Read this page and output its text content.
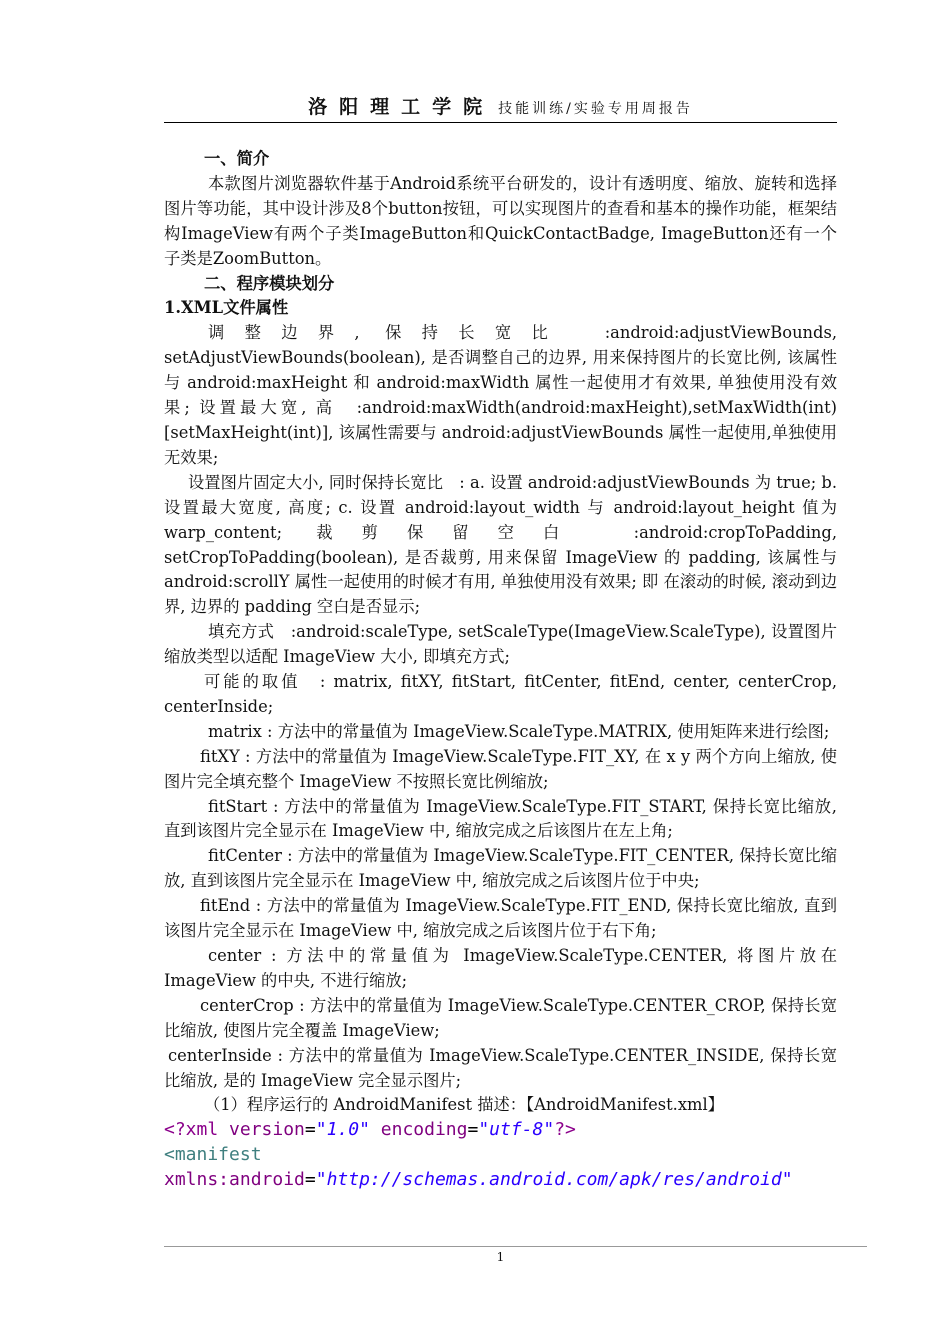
洛阳理工学院 技能训练/实验专用周报告

一、简介

本款图片浏览器软件基于Android系统平台研发的，设计有透明度、缩放、旋转和选择图片等功能，其中设计涉及8个button按钮，可以实现图片的查看和基本的操作功能，框架结构ImageView有两个子类ImageButton和QuickContactBadge, ImageButton还有一个子类是ZoomButton。

二、程序模块划分

1.XML文件属性

调整边界, 保持长宽比　:android:adjustViewBounds, setAdjustViewBounds(boolean), 是否调整自己的边界, 用来保持图片的长宽比例, 该属性与 android:maxHeight 和 android:maxWidth 属性一起使用才有效果, 单独使用没有效果; 设置最大宽, 高　:android:maxWidth(android:maxHeight),setMaxWidth(int)[setMaxHeight(int)], 该属性需要与 android:adjustViewBounds 属性一起使用,单独使用无效果;

设置图片固定大小, 同时保持长宽比　: a. 设置 android:adjustViewBounds 为 true; b. 设置最大宽度, 高度; c. 设置 android:layout_width 与 android:layout_height 值为 warp_content; 裁剪保留空白　:android:cropToPadding, setCropToPadding(boolean), 是否裁剪, 用来保留 ImageView 的 padding, 该属性与 android:scrollY 属性一起使用的时候才有用, 单独使用没有效果; 即 在滚动的时候, 滚动到边界, 边界的 padding 空白是否显示;

填充方式　:android:scaleType, setScaleType(ImageView.ScaleType), 设置图片缩放类型以适配 ImageView 大小, 即填充方式;

可能的取值　: matrix, fitXY, fitStart, fitCenter, fitEnd, center, centerCrop, centerInside;

matrix : 方法中的常量值为 ImageView.ScaleType.MATRIX, 使用矩阵来进行绘图;

fitXY : 方法中的常量值为 ImageView.ScaleType.FIT_XY, 在 x y 两个方向上缩放, 使图片完全填充整个 ImageView 不按照长宽比例缩放;

fitStart : 方法中的常量值为 ImageView.ScaleType.FIT_START, 保持长宽比缩放, 直到该图片完全显示在 ImageView 中, 缩放完成之后该图片在左上角;

fitCenter : 方法中的常量值为 ImageView.ScaleType.FIT_CENTER, 保持长宽比缩放, 直到该图片完全显示在 ImageView 中, 缩放完成之后该图片位于中央;

fitEnd : 方法中的常量值为 ImageView.ScaleType.FIT_END, 保持长宽比缩放, 直到该图片完全显示在 ImageView 中, 缩放完成之后该图片位于右下角;

center : 方法中的常量值为 ImageView.ScaleType.CENTER, 将图片放在 ImageView 的中央, 不进行缩放;

centerCrop : 方法中的常量值为 ImageView.ScaleType.CENTER_CROP, 保持长宽比缩放, 使图片完全覆盖 ImageView;

centerInside : 方法中的常量值为 ImageView.ScaleType.CENTER_INSIDE, 保持长宽比缩放, 是的 ImageView 完全显示图片;

（1）程序运行的 AndroidManifest 描述：【AndroidManifest.xml】

<?xml version="1.0" encoding="utf-8"?>
<manifest
xmlns:android="http://schemas.android.com/apk/res/android"
1
